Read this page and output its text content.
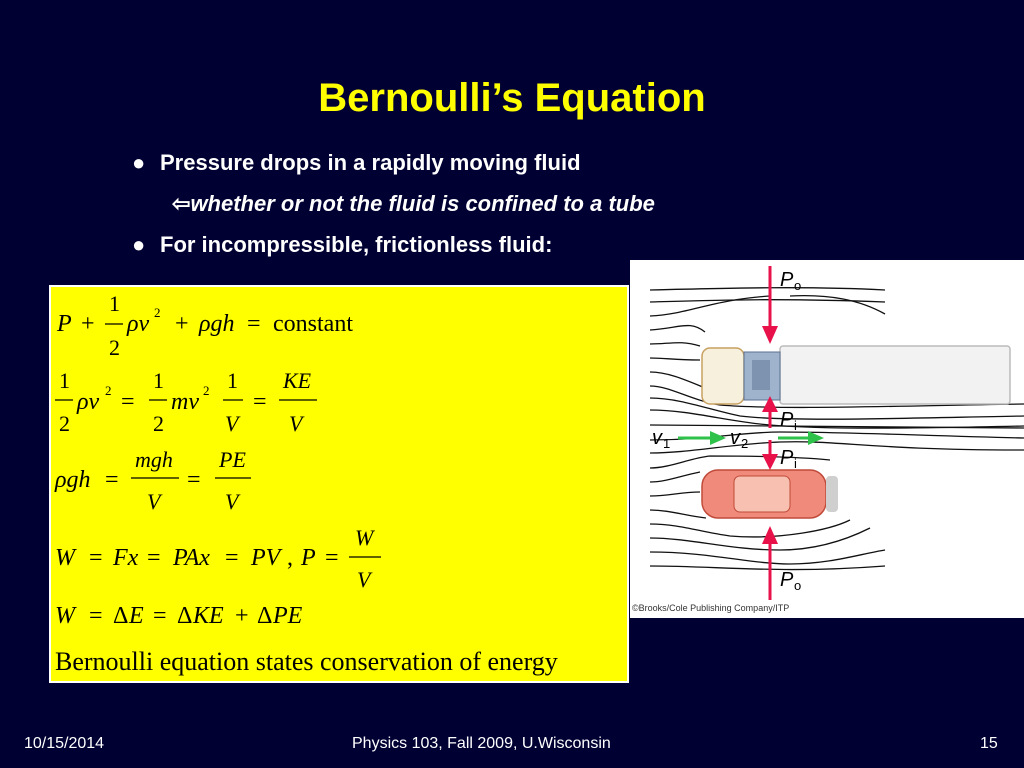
Bernoulli’s Equation
● Pressure drops in a rapidly moving fluid
⇦whether or not the fluid is confined to a tube
● For incompressible, frictionless fluid:
P +
1
2
ρv 2 + ρgh = constant
1
2
ρv 2 =
1
2
mv 2 1
V
=
KE
V
ρgh =
mgh
V
=
PE
V
W = Fx = PAx = PV , P =
W
V
W = Δ E = Δ KE + Δ PE
Bernoulli equation states conservation of energy
P o
P i
P i
P o
v 1	v 2
©Brooks/Cole Publishing Company/ITP
10/15/2014	Physics 103, Fall 2009, U.Wisconsin	15
